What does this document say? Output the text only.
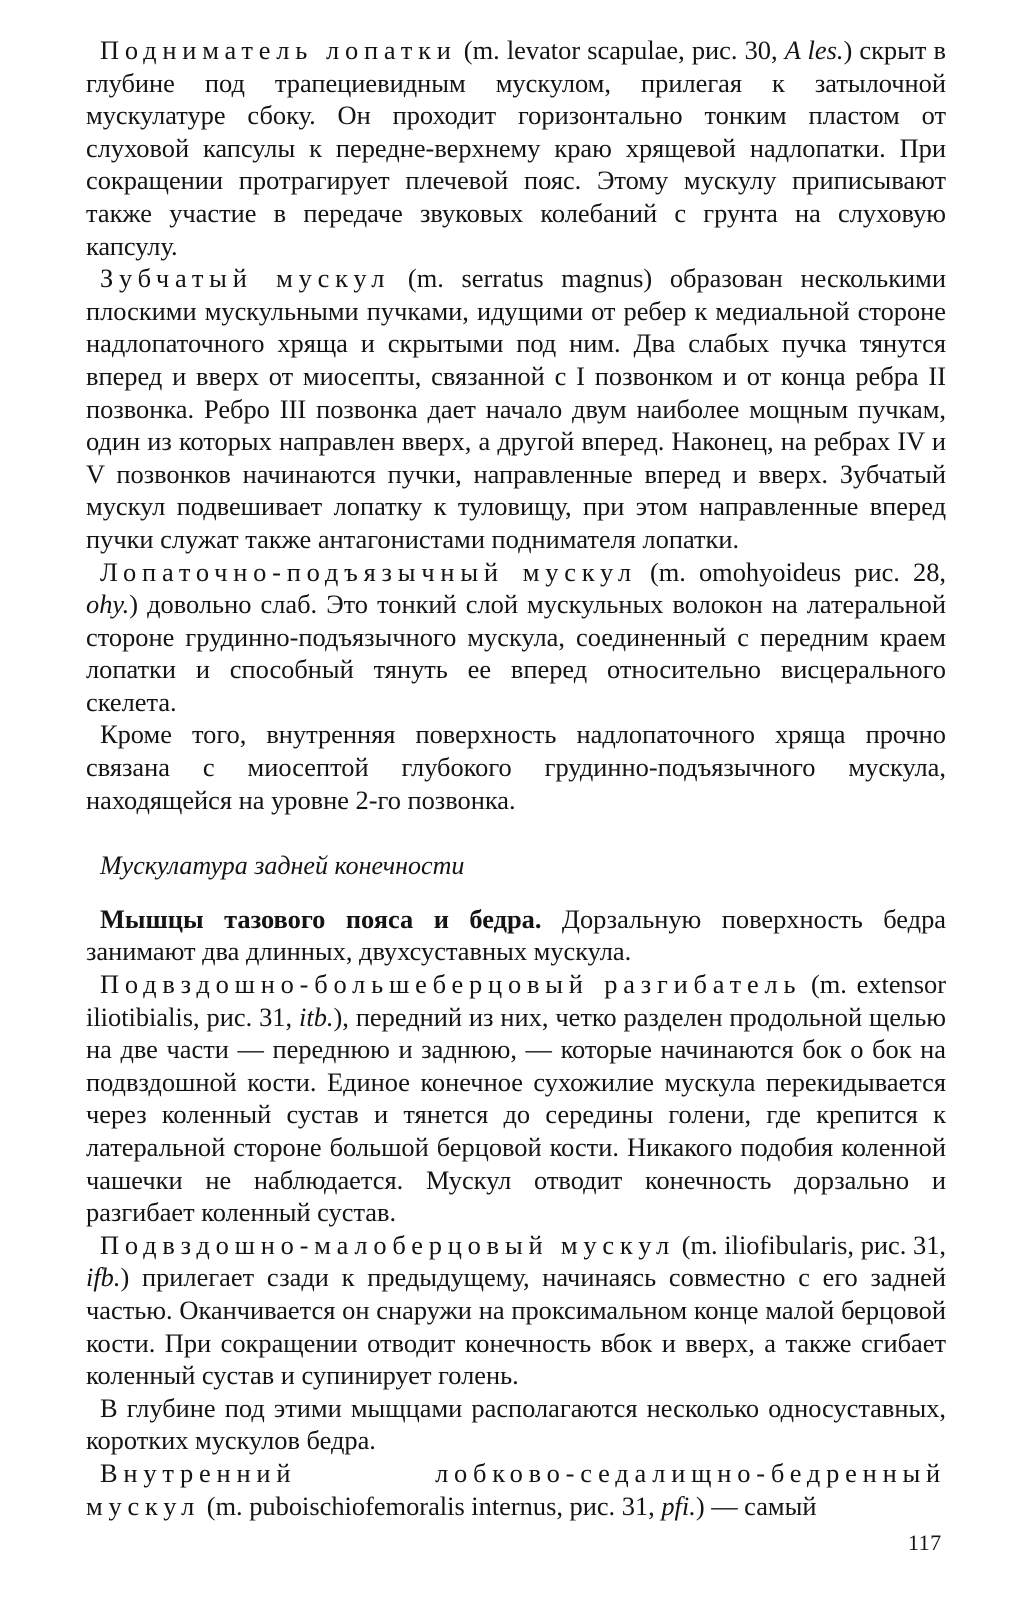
Подниматель лопатки (m. levator scapulae, рис. 30, A les.) скрыт в глубине под трапециевидным мускулом, прилегая к затылочной мускулатуре сбоку. Он проходит горизонтально тонким пластом от слуховой капсулы к передне-верхнему краю хрящевой надлопатки. При сокращении протрагирует плечевой пояс. Этому мускулу приписывают также участие в передаче звуковых колебаний с грунта на слуховую капсулу.

Зубчатый мускул (m. serratus magnus) образован несколькими плоскими мускульными пучками, идущими от ребер к медиальной стороне надлопаточного хряща и скрытыми под ним. Два слабых пучка тянутся вперед и вверх от миосепты, связанной с I позвонком и от конца ребра II позвонка. Ребро III позвонка дает начало двум наиболее мощным пучкам, один из которых направлен вверх, а другой вперед. Наконец, на ребрах IV и V позвонков начинаются пучки, направленные вперед и вверх. Зубчатый мускул подвешивает лопатку к туловищу, при этом направленные вперед пучки служат также антагонистами поднимателя лопатки.

Лопаточно-подъязычный мускул (m. omohyoideus рис. 28, ohy.) довольно слаб. Это тонкий слой мускульных волокон на латеральной стороне грудинно-подъязычного мускула, соединенный с передним краем лопатки и способный тянуть ее вперед относительно висцерального скелета.

Кроме того, внутренняя поверхность надлопаточного хряща прочно связана с миосептой глубокого грудинно-подъязычного мускула, находящейся на уровне 2-го позвонка.

Мускулатура задней конечности

Мышцы тазового пояса и бедра. Дорзальную поверхность бедра занимают два длинных, двухсуставных мускула.

Подвздошно-большеберцовый разгибатель (m. extensor iliotibialis, рис. 31, itb.), передний из них, четко разделен продольной щелью на две части — переднюю и заднюю, — которые начинаются бок о бок на подвздошной кости. Единое конечное сухожилие мускула перекидывается через коленный сустав и тянется до середины голени, где крепится к латеральной стороне большой берцовой кости. Никакого подобия коленной чашечки не наблюдается. Мускул отводит конечность дорзально и разгибает коленный сустав.

Подвздошно-малоберцовый мускул (m. iliofibularis, рис. 31, ifb.) прилегает сзади к предыдущему, начинаясь совместно с его задней частью. Оканчивается он снаружи на проксимальном конце малой берцовой кости. При сокращении отводит конечность вбок и вверх, а также сгибает коленный сустав и супинирует голень.

В глубине под этими мыщцами располагаются несколько односуставных, коротких мускулов бедра.

Внутренний лобково-седалищно-бедренный мускул (m. puboischiofemoralis internus, рис. 31, pfi.) — самый

117
